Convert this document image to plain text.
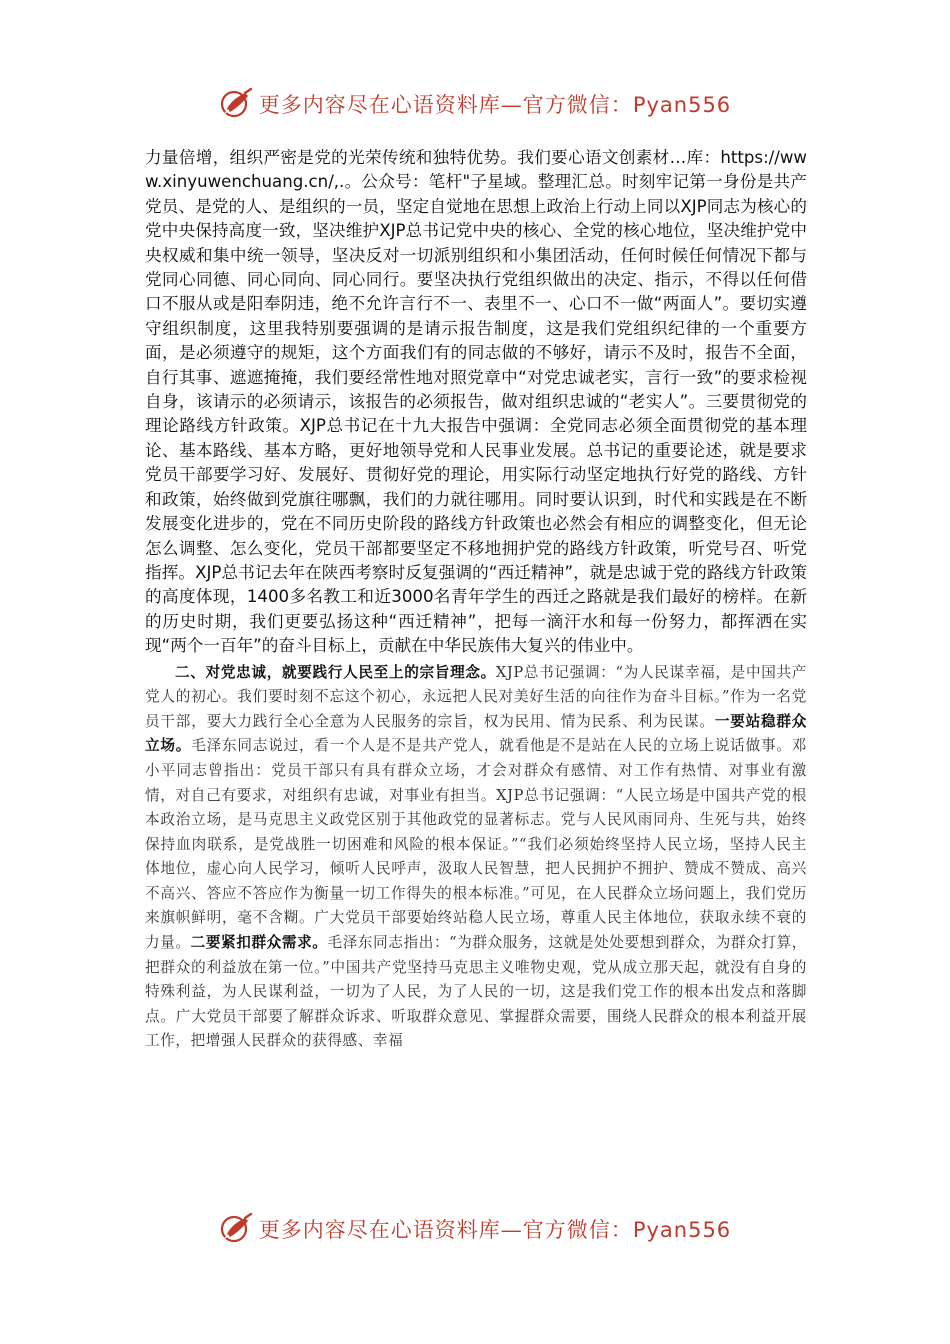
更多内容尽在心语资料库—官方微信：Pyan556

力量倍增，组织严密是党的光荣传统和独特优势。我们要心语文创素材…库：https://www.xinyuwenchuang.cn/,.。公众号：笔杆"子星域。整理汇总。时刻牢记第一身份是共产党员、是党的人、是组织的一员，坚定自觉地在思想上政治上行动上同以XJP同志为核心的党中央保持高度一致，坚决维护XJP总书记党中央的核心、全党的核心地位，坚决维护党中央权威和集中统一领导，坚决反对一切派别组织和小集团活动，任何时候任何情况下都与党同心同德、同心同向、同心同行。要坚决执行党组织做出的决定、指示，不得以任何借口不服从或是阳奉阴违，绝不允许言行不一、表里不一、心口不一做“两面人”。要切实遵守组织制度，这里我特别要强调的是请示报告制度，这是我们党组织纪律的一个重要方面，是必须遵守的规矩，这个方面我们有的同志做的不够好，请示不及时，报告不全面，自行其事、遮遮掩掩，我们要经常性地对照党章中“对党忠诚老实，言行一致”的要求检视自身，该请示的必须请示，该报告的必须报告，做对组织忠诚的“老实人”。三要贯彻党的理论路线方针政策。XJP总书记在十九大报告中强调：全党同志必须全面贯彻党的基本理论、基本路线、基本方略，更好地领导党和人民事业发展。总书记的重要论述，就是要求党员干部要学习好、发展好、贯彻好党的理论，用实际行动坚定地执行好党的路线、方针和政策，始终做到党旗往哪飘，我们的力就往哪用。同时要认识到，时代和实践是在不断发展变化进步的，党在不同历史阶段的路线方针政策也必然会有相应的调整变化，但无论怎么调整、怎么变化，党员干部都要坚定不移地拥护党的路线方针政策，听党号召、听党指挥。XJP总书记去年在陕西考察时反复强调的“西迁精神”，就是忠诚于党的路线方针政策的高度体现，1400多名教工和近3000名青年学生的西迁之路就是我们最好的榜样。在新的历史时期，我们更要弘扬这种“西迁精神”，把每一滴汗水和每一份努力，都挥洒在实现“两个一百年”的奋斗目标上，贡献在中华民族伟大复兴的伟业中。

二、对党忠诚，就要践行人民至上的宗旨理念。XJP总书记强调：“为人民谋幸福，是中国共产党人的初心。我们要时刻不忘这个初心，永远把人民对美好生活的向往作为奋斗目标。”作为一名党员干部，要大力践行全心全意为人民服务的宗旨，权为民用、情为民系、利为民谋。一要站稳群众立场。毛泽东同志说过，看一个人是不是共产党人，就看他是不是站在人民的立场上说话做事。邓小平同志曾指出：党员干部只有具有群众立场，才会对群众有感情、对工作有热情、对事业有激情，对自己有要求，对组织有忠诚，对事业有担当。XJP总书记强调：“人民立场是中国共产党的根本政治立场，是马克思主义政党区别于其他政党的显著标志。党与人民风雨同舟、生死与共，始终保持血肉联系，是党战胜一切困难和风险的根本保证。”“我们必须始终坚持人民立场，坚持人民主体地位，虚心向人民学习，倾听人民呼声，汲取人民智慧，把人民拥护不拥护、赞成不赞成、高兴不高兴、答应不答应作为衡量一切工作得失的根本标准。”可见，在人民群众立场问题上，我们党历来旗帜鲜明，毫不含糊。广大党员干部要始终站稳人民立场，尊重人民主体地位，获取永续不衰的力量。二要紧扣群众需求。毛泽东同志指出：“为群众服务，这就是处处要想到群众，为群众打算，把群众的利益放在第一位。”中国共产党坚持马克思主义唯物史观，党从成立那天起，就没有自身的特殊利益，为人民谋利益，一切为了人民，为了人民的一切，这是我们党工作的根本出发点和落脚点。广大党员干部要了解群众诉求、听取群众意见、掌握群众需要，围绕人民群众的根本利益开展工作，把增强人民群众的获得感、幸福

更多内容尽在心语资料库—官方微信：Pyan556
